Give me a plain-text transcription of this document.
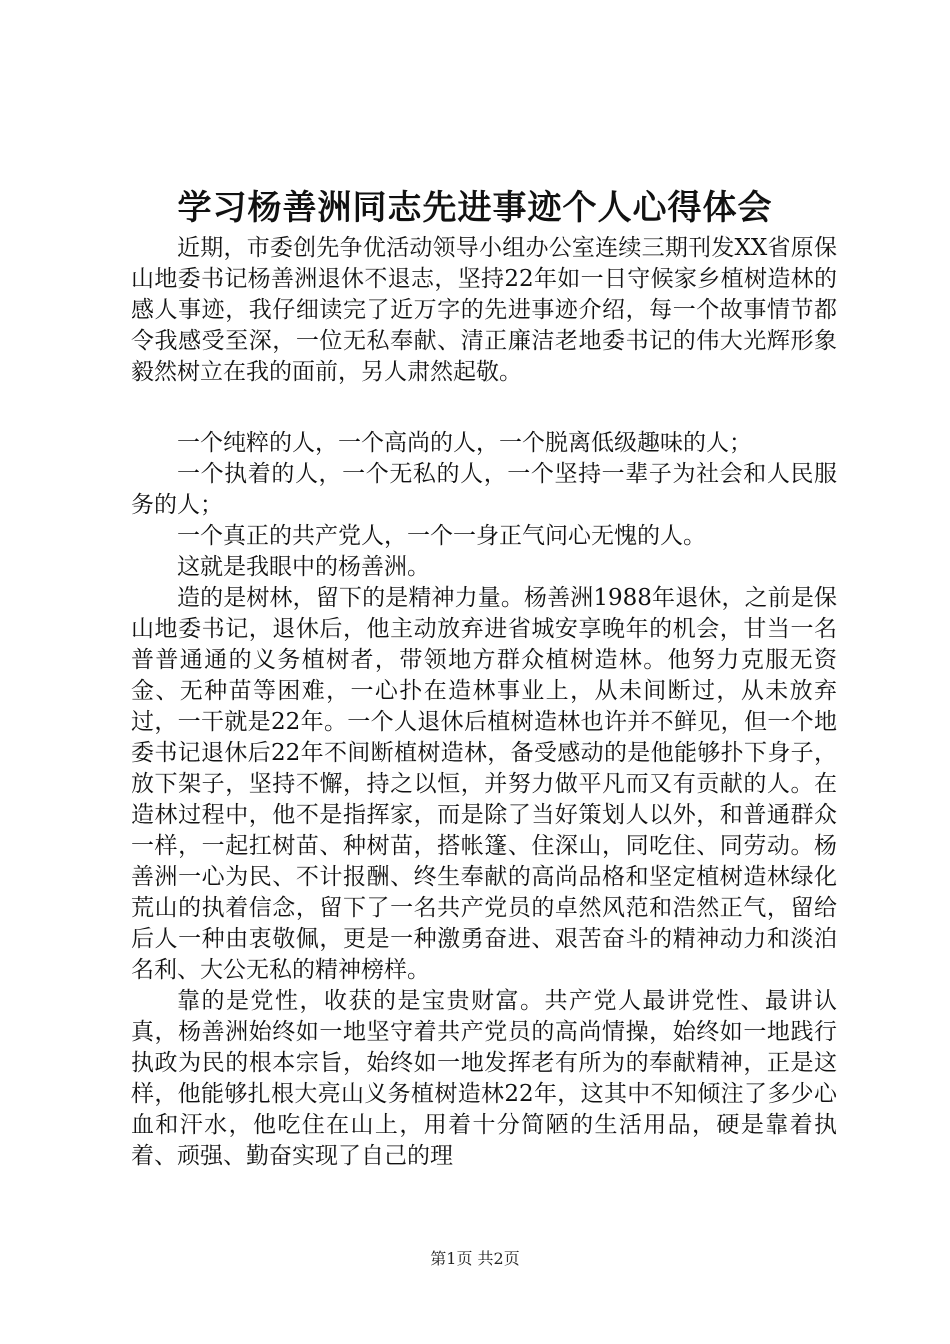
学习杨善洲同志先进事迹个人心得体会

近期，市委创先争优活动领导小组办公室连续三期刊发XX省原保山地委书记杨善洲退休不退志，坚持22年如一日守候家乡植树造林的感人事迹，我仔细读完了近万字的先进事迹介绍，每一个故事情节都令我感受至深，一位无私奉献、清正廉洁老地委书记的伟大光辉形象毅然树立在我的面前，另人肃然起敬。

一个纯粹的人，一个高尚的人，一个脱离低级趣味的人；

一个执着的人，一个无私的人，一个坚持一辈子为社会和人民服务的人；

一个真正的共产党人，一个一身正气问心无愧的人。

这就是我眼中的杨善洲。

造的是树林，留下的是精神力量。杨善洲1988年退休，之前是保山地委书记，退休后，他主动放弃进省城安享晚年的机会，甘当一名普普通通的义务植树者，带领地方群众植树造林。他努力克服无资金、无种苗等困难，一心扑在造林事业上，从未间断过，从未放弃过，一干就是22年。一个人退休后植树造林也许并不鲜见，但一个地委书记退休后22年不间断植树造林，备受感动的是他能够扑下身子，放下架子，坚持不懈，持之以恒，并努力做平凡而又有贡献的人。在造林过程中，他不是指挥家，而是除了当好策划人以外，和普通群众一样，一起扛树苗、种树苗，搭帐篷、住深山，同吃住、同劳动。杨善洲一心为民、不计报酬、终生奉献的高尚品格和坚定植树造林绿化荒山的执着信念，留下了一名共产党员的卓然风范和浩然正气，留给后人一种由衷敬佩，更是一种激勇奋进、艰苦奋斗的精神动力和淡泊名利、大公无私的精神榜样。

靠的是党性，收获的是宝贵财富。共产党人最讲党性、最讲认真，杨善洲始终如一地坚守着共产党员的高尚情操，始终如一地践行执政为民的根本宗旨，始终如一地发挥老有所为的奉献精神，正是这样，他能够扎根大亮山义务植树造林22年，这其中不知倾注了多少心血和汗水，他吃住在山上，用着十分简陋的生活用品，硬是靠着执着、顽强、勤奋实现了自己的理

第1页 共2页
